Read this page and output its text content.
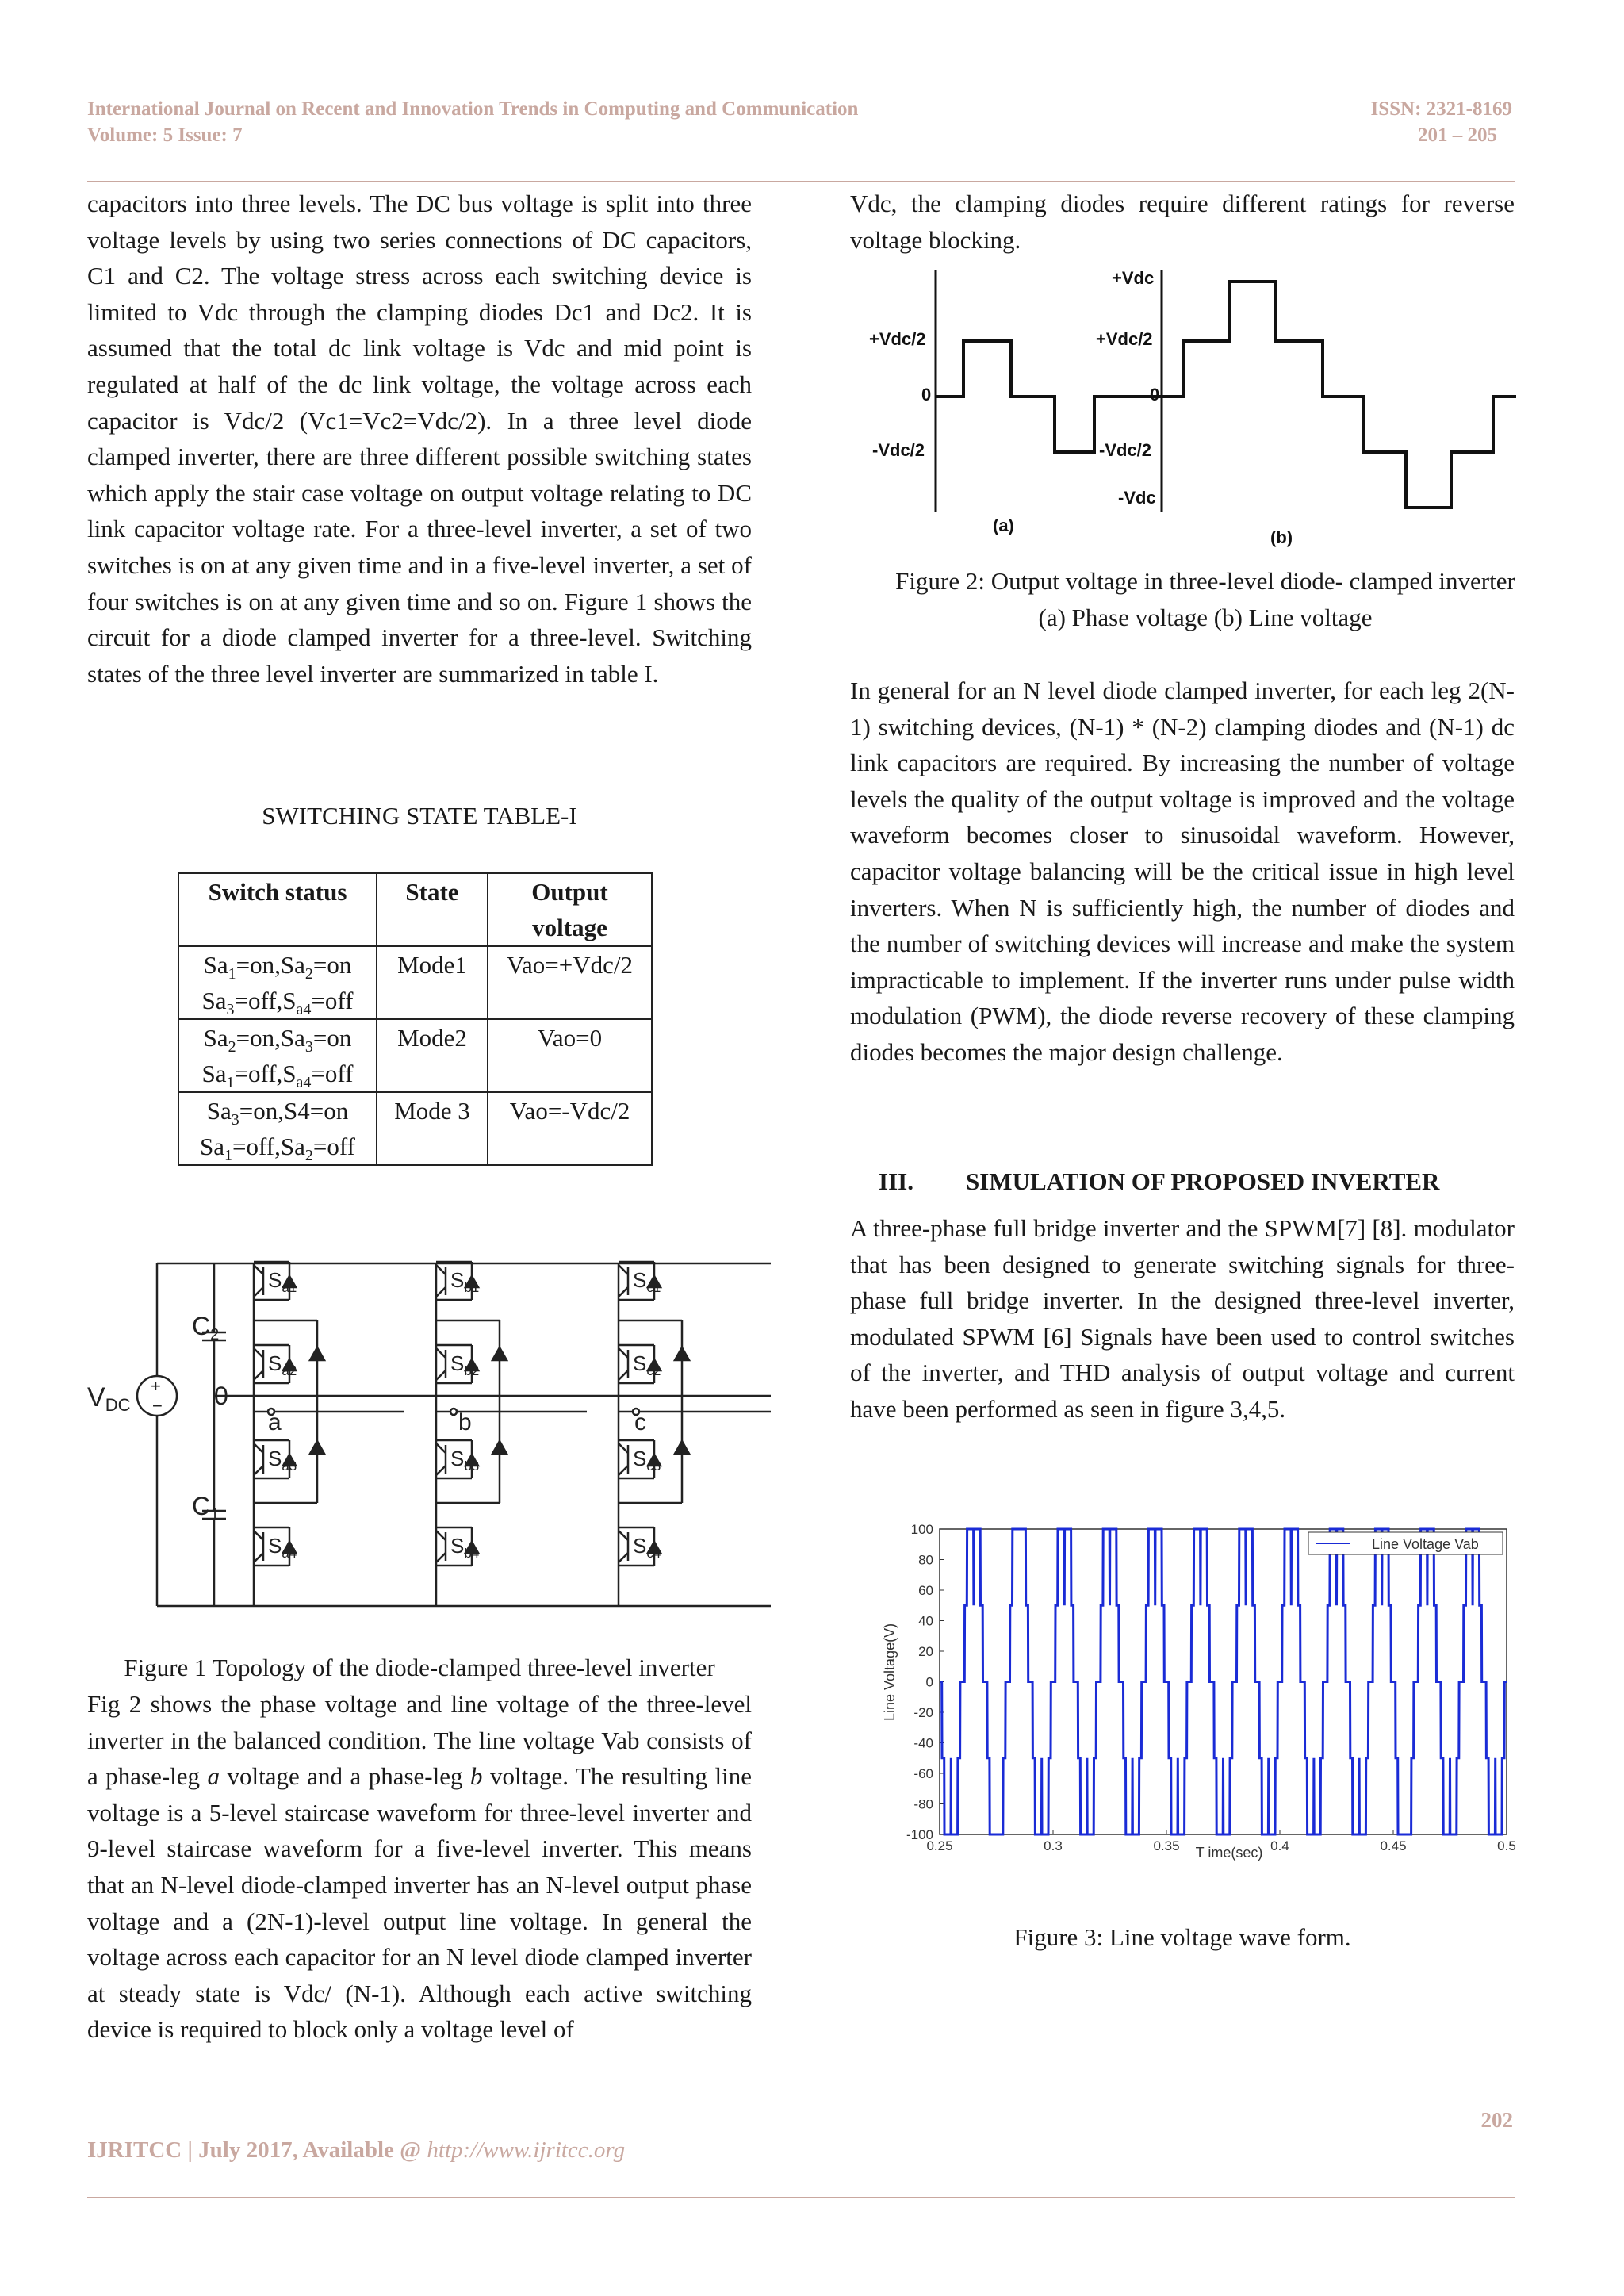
International Journal on Recent and Innovation Trends in Computing and Communication
Volume: 5 Issue: 7
ISSN: 2321-8169
201 – 205

capacitors into three levels. The DC bus voltage is split into three voltage levels by using two series connections of DC capacitors, C1 and C2. The voltage stress across each switching device is limited to Vdc through the clamping diodes Dc1 and Dc2. It is assumed that the total dc link voltage is Vdc and mid point is regulated at half of the dc link voltage, the voltage across each capacitor is Vdc/2 (Vc1=Vc2=Vdc/2). In a three level diode clamped inverter, there are three different possible switching states which apply the stair case voltage on output voltage relating to DC link capacitor voltage rate. For a three-level inverter, a set of two switches is on at any given time and in a five-level inverter, a set of four switches is on at any given time and so on. Figure 1 shows the circuit for a diode clamped inverter for a three-level. Switching states of the three level inverter are summarized in table I.

SWITCHING STATE TABLE-I
Switch status	State	Output voltage
$Sa_1=on,Sa_2=on$
$Sa_3=off,S_{a4}=off$	Mode1	Vao=+Vdc/2
$Sa_2=on,Sa_3=on$
$Sa_1=off,S_{a4}=off$	Mode2	Vao=0
$Sa_3=on,S4=on$
$Sa_1=off,Sa_2=off$	Mode 3	Vao=-Vdc/2
+
−
VDC
C2
C1
0
$S_{a1}$
$S_{a2}$
$S_{a3}$
$S_{a4}$
$S_{b1}$
$S_{b2}$
$S_{b3}$
$S_{b4}$
$S_{c1}$
$S_{c2}$
$S_{c3}$
$S_{c4}$
a	b	c
Figure 1 Topology of the diode-clamped three-level inverter

Fig 2 shows the phase voltage and line voltage of the three-level inverter in the balanced condition. The line voltage Vab consists of a phase-leg a voltage and a phase-leg b voltage. The resulting line voltage is a 5-level staircase waveform for three-level inverter and 9-level staircase waveform for a five-level inverter. This means that an N-level diode-clamped inverter has an N-level output phase voltage and a (2N-1)-level output line voltage. In general the voltage across each capacitor for an N level diode clamped inverter at steady state is Vdc/ (N-1). Although each active switching device is required to block only a voltage level of

Vdc, the clamping diodes require different ratings for reverse voltage blocking.

+Vdc/2
0
-Vdc/2
+Vdc
+Vdc/2
0
-Vdc/2
-Vdc
(a)
(b)
Figure 2: Output voltage in three-level diode- clamped inverter (a) Phase voltage (b) Line voltage

In general for an N level diode clamped inverter, for each leg 2(N-1) switching devices, (N-1) * (N-2) clamping diodes and (N-1) dc link capacitors are required. By increasing the number of voltage levels the quality of the output voltage is improved and the voltage waveform becomes closer to sinusoidal waveform. However, capacitor voltage balancing will be the critical issue in high level inverters. When N is sufficiently high, the number of diodes and the number of switching devices will increase and make the system impracticable to implement. If the inverter runs under pulse width modulation (PWM), the diode reverse recovery of these clamping diodes becomes the major design challenge.

III. SIMULATION OF PROPOSED INVERTER

A three-phase full bridge inverter and the SPWM[7] [8]. modulator that has been designed to generate switching signals for three-phase full bridge inverter. In the designed three-level inverter, modulated SPWM [6] Signals have been used to control switches of the inverter, and THD analysis of output voltage and current have been performed as seen in figure 3,4,5.

100
80
60
40
20
0
-20
-40
-60
-80
-100
0.25	0.3	0.35	0.4	0.45	0.5
Line Voltage Vab
Line Voltage(V)
T ime(sec)
Figure 3: Line voltage wave form.
202
IJRITCC | July 2017, Available @ http://www.ijritcc.org
